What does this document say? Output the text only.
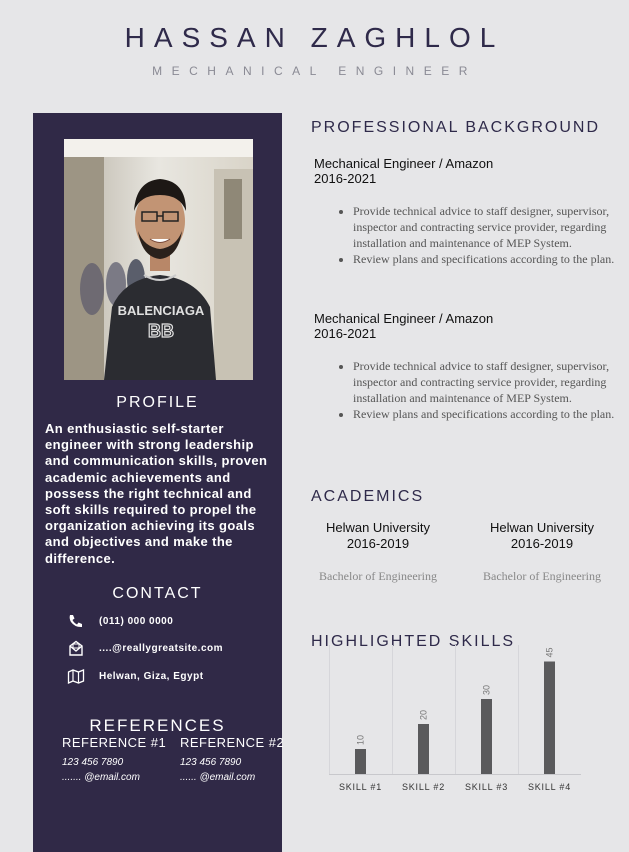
HASSAN ZAGHLOL
MECHANICAL ENGINEER
BALENCIAGA
BB
PROFILE
An enthusiastic self-starter engineer with strong leadership and communication skills, proven academic achievements and possess the right technical and soft skills required to propel the organization achieving its goals and objectives and make the difference.
CONTACT
(011) 000 0000
....@reallygreatsite.com
Helwan, Giza, Egypt
REFERENCES
REFERENCE #1
123 456 7890
....... @email.com
REFERENCE #2
123 456 7890
...... @email.com
PROFESSIONAL BACKGROUND
Mechanical Engineer / Amazon
2016-2021
• Provide technical advice to staff designer, supervisor, inspector and contracting service provider, regarding installation and maintenance of MEP System.
• Review plans and specifications according to the plan.
Mechanical Engineer / Amazon
2016-2021
• Provide technical advice to staff designer, supervisor, inspector and contracting service provider, regarding installation and maintenance of MEP System.
• Review plans and specifications according to the plan.
ACADEMICS
Helwan University
2016-2019
Bachelor of Engineering
Helwan University
2016-2019
Bachelor of Engineering
HIGHLIGHTED SKILLS
10
SKILL #1
20
SKILL #2
30
SKILL #3
45
SKILL #4
